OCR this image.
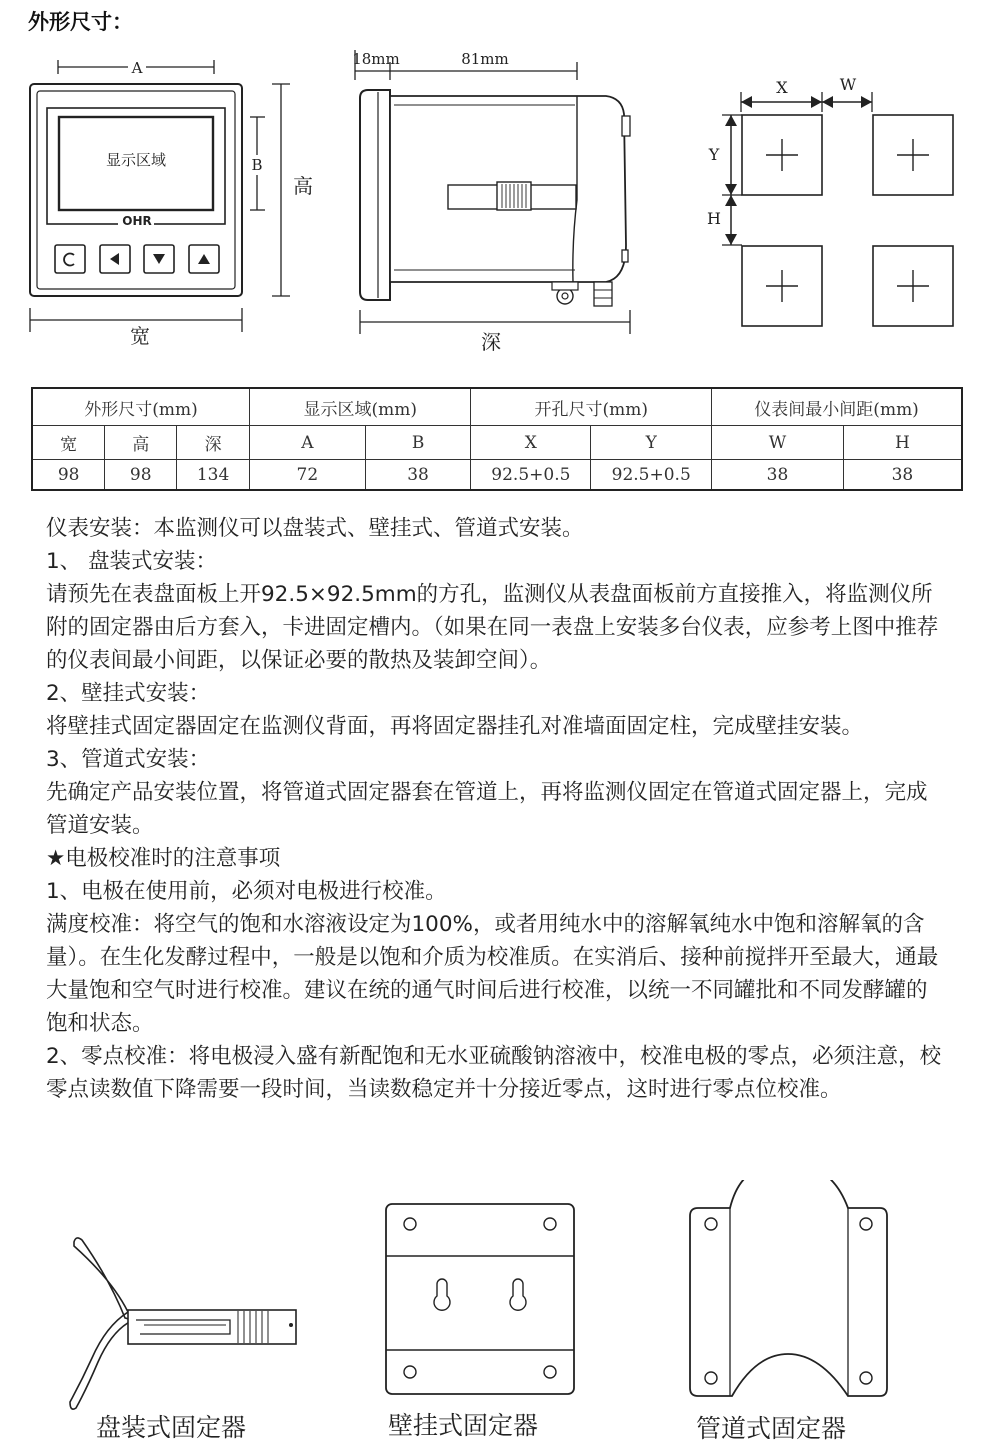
外形尺寸：
A
显示区域
OHR
B
高
宽
18mm	81mm
深
X	W
Y
H
外形尺寸(mm)			显示区域(mm)		开孔尺寸(mm)		仪表间最小间距(mm)	
宽	高	深	A	B	X	Y	W	H
98	98	134	72	38	92.5+0.5	92.5+0.5	38	38

仪表安装：本监测仪可以盘装式、壁挂式、管道式安装。

1、 盘装式安装：

请预先在表盘面板上开92.5×92.5mm的方孔，监测仪从表盘面板前方直接推入，将监测仪所附的固定器由后方套入，卡进固定槽内。（如果在同一表盘上安装多台仪表，应参考上图中推荐的仪表间最小间距，以保证必要的散热及装卸空间）。

2、壁挂式安装：

将壁挂式固定器固定在监测仪背面，再将固定器挂孔对准墙面固定柱，完成壁挂安装。

3、管道式安装：

先确定产品安装位置，将管道式固定器套在管道上，再将监测仪固定在管道式固定器上，完成管道安装。

★电极校准时的注意事项

1、电极在使用前，必须对电极进行校准。

满度校准：将空气的饱和水溶液设定为100%，或者用纯水中的溶解氧纯水中饱和溶解氧的含量）。在生化发酵过程中，一般是以饱和介质为校准质。在实消后、接种前搅拌开至最大，通最大量饱和空气时进行校准。建议在统的通气时间后进行校准，以统一不同罐批和不同发酵罐的饱和状态。

2、零点校准：将电极浸入盛有新配饱和无水亚硫酸钠溶液中，校准电极的零点，必须注意，校零点读数值下降需要一段时间，当读数稳定并十分接近零点，这时进行零点位校准。

盘装式固定器	壁挂式固定器	管道式固定器
